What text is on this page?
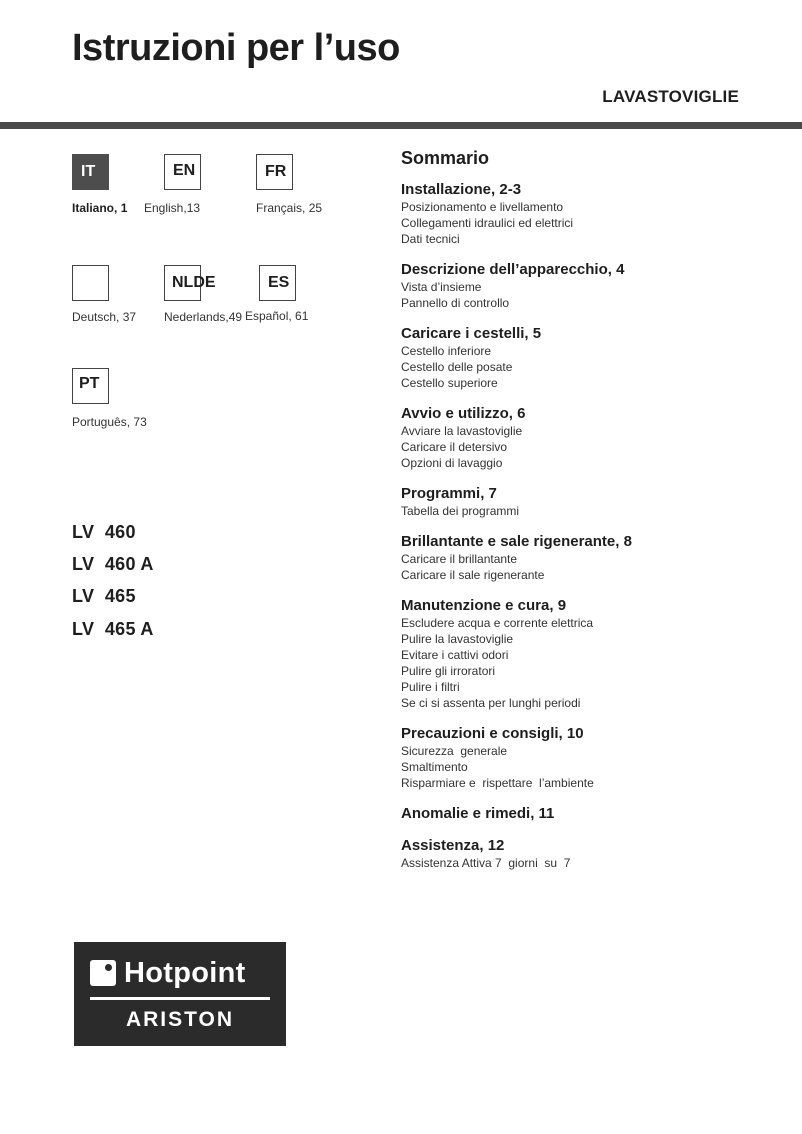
Istruzioni per l’uso
LAVASTOVIGLIE
IT	EN	FR
Italiano, 1 English,13	Français, 25
NLDE	ES
Deutsch, 37 Nederlands,49 Español, 61
PT
Português, 73
LV  460
LV  460 A
LV  465
LV  465 A
Sommario
Installazione, 2-3
Posizionamento e livellamento
Collegamenti idraulici ed elettrici
Dati tecnici
Descrizione dell’apparecchio, 4
Vista d’insieme
Pannello di controllo
Caricare i cestelli, 5
Cestello inferiore
Cestello delle posate
Cestello superiore
Avvio e utilizzo, 6
Avviare la lavastoviglie
Caricare il detersivo
Opzioni di lavaggio
Programmi, 7
Tabella dei programmi
Brillantante e sale rigenerante, 8
Caricare il brillantante
Caricare il sale rigenerante
Manutenzione e cura, 9
Escludere acqua e corrente elettrica
Pulire la lavastoviglie
Evitare i cattivi odori
Pulire gli irroratori
Pulire i filtri
Se ci si assenta per lunghi periodi
Precauzioni e consigli, 10
Sicurezza  generale
Smaltimento
Risparmiare e  rispettare  l’ambiente
Anomalie e rimedi, 11
Assistenza, 12
Assistenza Attiva 7  giorni  su  7
Hotpoint
ARISTON
